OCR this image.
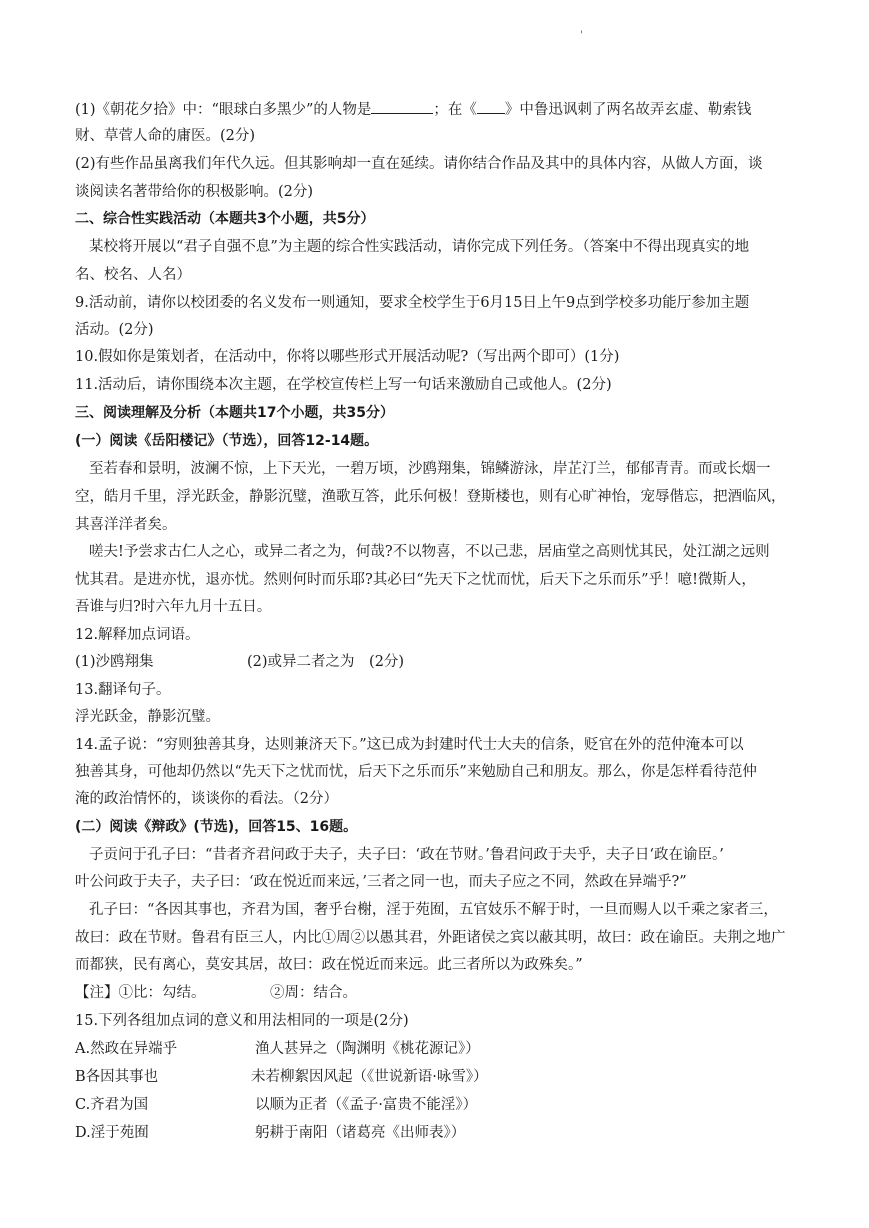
'
(1)《朝花夕拾》中：“眼球白多黑少”的人物是	；在《 》中鲁迅讽刺了两名故弄玄虚、勒索钱
财、草菅人命的庸医。(2分)
(2)有些作品虽离我们年代久远。但其影响却一直在延续。请你结合作品及其中的具体内容，从做人方面，谈
谈阅读名著带给你的积极影响。(2分)
二、综合性实践活动（本题共3个小题，共5分）
某校将开展以“君子自强不息”为主题的综合性实践活动，请你完成下列任务。（答案中不得出现真实的地
名、校名、人名）
9.活动前，请你以校团委的名义发布一则通知，要求全校学生于6月15日上午9点到学校多功能厅参加主题
活动。(2分)
10.假如你是策划者，在活动中，你将以哪些形式开展活动呢?（写出两个即可）(1分)
11.活动后，请你围绕本次主题，在学校宣传栏上写一句话来激励自己或他人。(2分)
三、阅读理解及分析（本题共17个小题，共35分）
(一）阅读《岳阳楼记》（节选），回答12-14题。
至若春和景明，波澜不惊，上下天光，一碧万顷，沙鸥翔集，锦鳞游泳，岸芷汀兰，郁郁青青。而或长烟一
空，皓月千里，浮光跃金，静影沉璧，渔歌互答，此乐何极！登斯楼也，则有心旷神怡，宠辱偕忘，把酒临风，
其喜洋洋者矣。
嗟夫!予尝求古仁人之心，或异二者之为，何哉?不以物喜，不以己悲，居庙堂之高则忧其民，处江湖之远则
忧其君。是进亦忧，退亦忧。然则何时而乐耶?其必曰“先天下之忧而忧，后天下之乐而乐”乎！噫!微斯人，
吾谁与归?时六年九月十五日。
12.解释加点词语。
(1)沙鸥翔集	(2)或异二者之为　(2分)
13.翻译句子。
浮光跃金，静影沉璧。
14.孟子说：“穷则独善其身，达则兼济天下。”这已成为封建时代士大夫的信条，贬官在外的范仲淹本可以
独善其身，可他却仍然以“先天下之忧而忧，后天下之乐而乐”来勉励自己和朋友。那么，你是怎样看待范仲
淹的政治情怀的，谈谈你的看法。（2分）
(二）阅读《辩政》(节选)，回答15、16题。
子贡问于孔子曰：“昔者齐君问政于夫子，夫子曰：‘政在节财。’鲁君问政于夫乎，夫子日‘政在谕臣。’
叶公问政于夫子，夫子曰：‘政在悦近而来远，’三者之同一也，而夫子应之不同，然政在异端乎?”
孔子曰：“各因其事也，齐君为国，奢乎台榭，淫于苑囿，五官妓乐不解于时，一旦而赐人以千乘之家者三，
故曰：政在节财。鲁君有臣三人，内比①周②以愚其君，外距诸侯之宾以蔽其明，故曰：政在谕臣。夫荆之地广
而都狭，民有离心，莫安其居，故曰：政在悦近而来远。此三者所以为政殊矣。”
【注】①比：勾结。	②周：结合。
15.下列各组加点词的意义和用法相同的一项是(2分)
A.然政在异端乎	渔人甚异之（陶渊明《桃花源记》）
B各因其事也	未若柳絮因风起（《世说新语·咏雪》）
C.齐君为国	以顺为正者（《孟子·富贵不能淫》）
D.淫于苑囿	躬耕于南阳（诸葛亮《出师表》）
